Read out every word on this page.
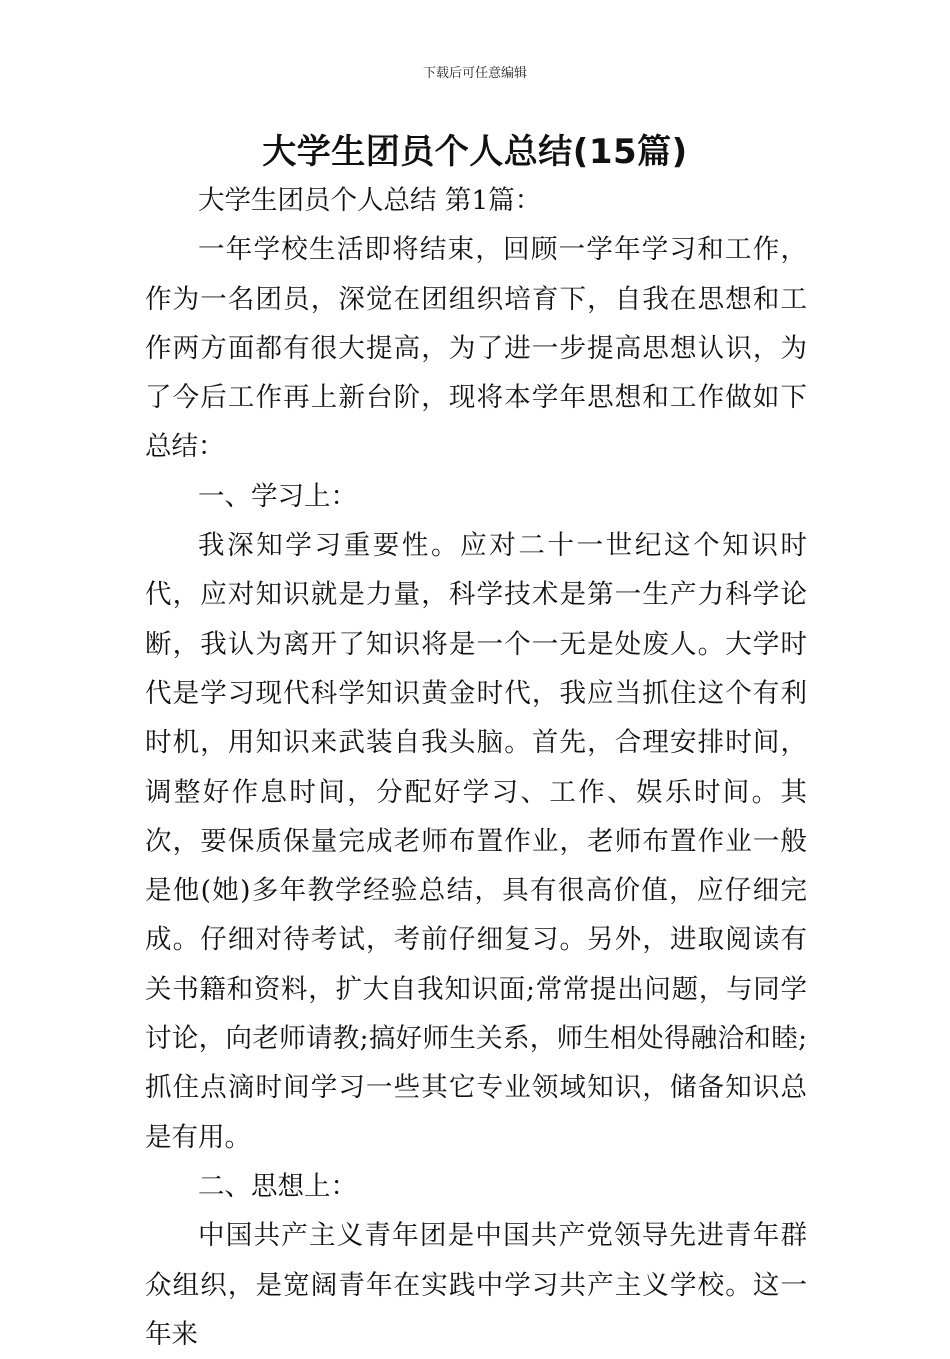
下载后可任意编辑
大学生团员个人总结(15篇)

大学生团员个人总结 第1篇：

一年学校生活即将结束，回顾一学年学习和工作，作为一名团员，深觉在团组织培育下，自我在思想和工作两方面都有很大提高，为了进一步提高思想认识，为了今后工作再上新台阶，现将本学年思想和工作做如下总结：

一、学习上：

我深知学习重要性。应对二十一世纪这个知识时代，应对知识就是力量，科学技术是第一生产力科学论断，我认为离开了知识将是一个一无是处废人。大学时代是学习现代科学知识黄金时代，我应当抓住这个有利时机，用知识来武装自我头脑。首先，合理安排时间，调整好作息时间，分配好学习、工作、娱乐时间。其次，要保质保量完成老师布置作业，老师布置作业一般是他(她)多年教学经验总结，具有很高价值，应仔细完成。仔细对待考试，考前仔细复习。另外，进取阅读有关书籍和资料，扩大自我知识面;常常提出问题，与同学讨论，向老师请教;搞好师生关系，师生相处得融洽和睦;抓住点滴时间学习一些其它专业领域知识，储备知识总是有用。

二、思想上：

中国共产主义青年团是中国共产党领导先进青年群众组织，是宽阔青年在实践中学习共产主义学校。这一年来
